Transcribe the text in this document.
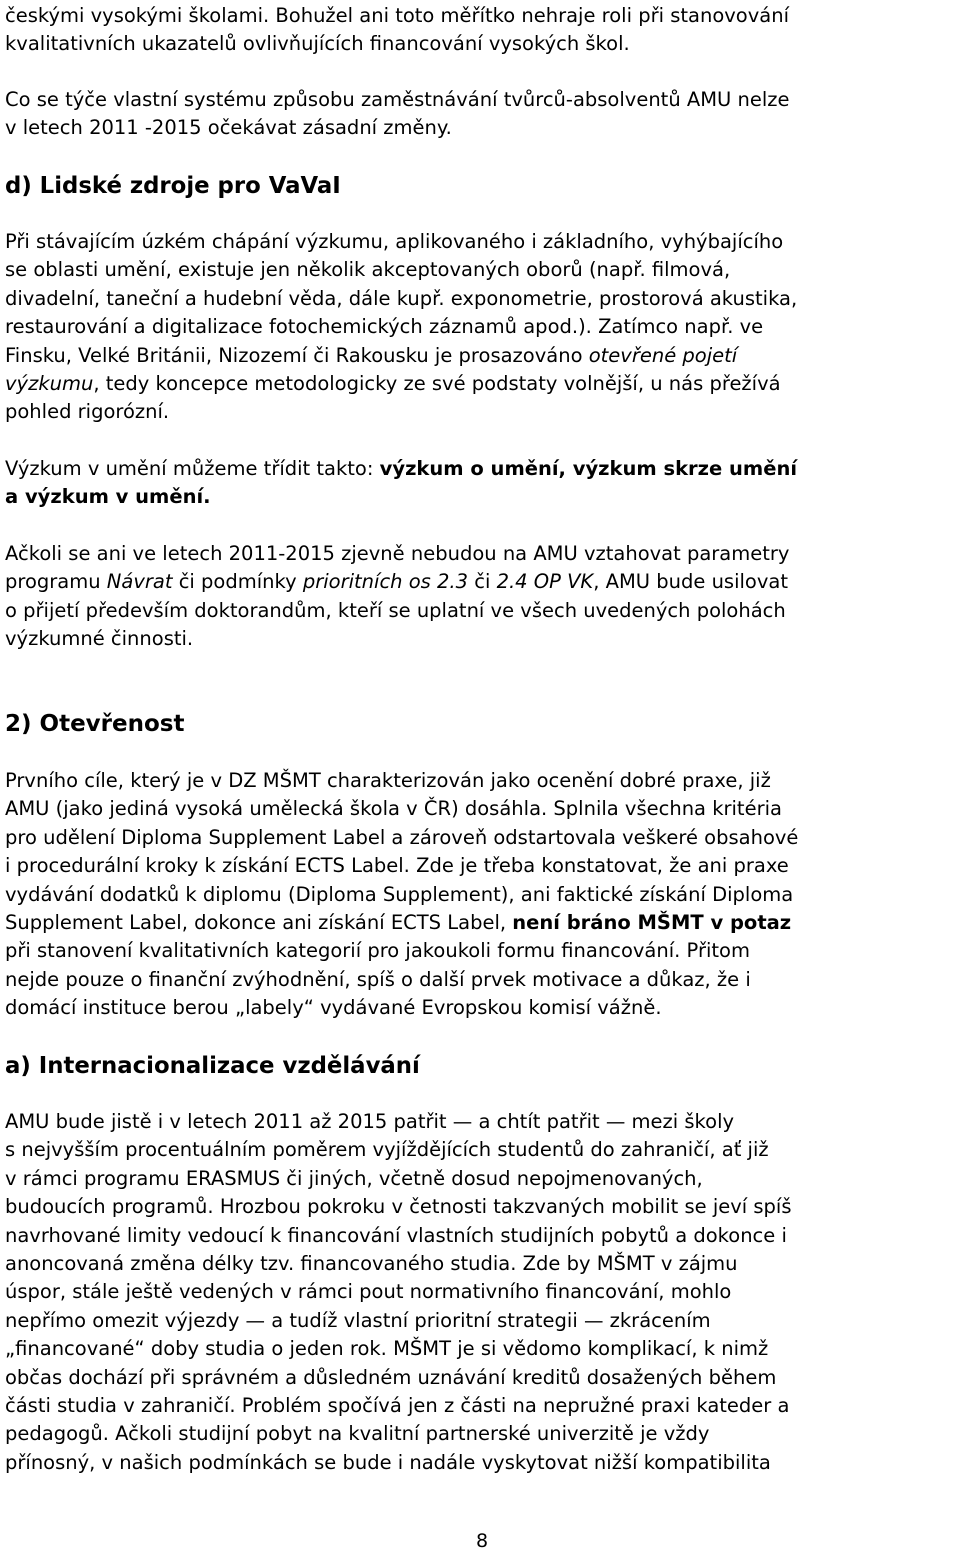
českými vysokými školami. Bohužel ani toto měřítko nehraje roli při stanovování
kvalitativních ukazatelů ovlivňujících financování vysokých škol.

Co se týče vlastní systému způsobu zaměstnávání tvůrců-absolventů AMU nelze
v letech 2011 -2015 očekávat zásadní změny.

d) Lidské zdroje pro VaVaI

Při stávajícím úzkém chápání výzkumu, aplikovaného i základního, vyhýbajícího
se oblasti umění, existuje jen několik akceptovaných oborů (např. filmová,
divadelní, taneční a hudební věda, dále kupř. exponometrie, prostorová akustika,
restaurování a digitalizace fotochemických záznamů apod.). Zatímco např. ve
Finsku, Velké Británii, Nizozemí či Rakousku je prosazováno otevřené pojetí
výzkumu, tedy koncepce metodologicky ze své podstaty volnější, u nás přežívá
pohled rigorózní.

Výzkum v umění můžeme třídit takto: výzkum o umění, výzkum skrze umění
a výzkum v umění.

Ačkoli se ani ve letech 2011-2015 zjevně nebudou na AMU vztahovat parametry
programu Návrat či podmínky prioritních os 2.3 či 2.4 OP VK, AMU bude usilovat
o přijetí především doktorandům, kteří se uplatní ve všech uvedených polohách
výzkumné činnosti.

2) Otevřenost

Prvního cíle, který je v DZ MŠMT charakterizován jako ocenění dobré praxe, již
AMU (jako jediná vysoká umělecká škola v ČR) dosáhla. Splnila všechna kritéria
pro udělení Diploma Supplement Label a zároveň odstartovala veškeré obsahové
i procedurální kroky k získání ECTS Label. Zde je třeba konstatovat, že ani praxe
vydávání dodatků k diplomu (Diploma Supplement), ani faktické získání Diploma
Supplement Label, dokonce ani získání ECTS Label, není bráno MŠMT v potaz
při stanovení kvalitativních kategorií pro jakoukoli formu financování. Přitom
nejde pouze o finanční zvýhodnění, spíš o další prvek motivace a důkaz, že i
domácí instituce berou „labely“ vydávané Evropskou komisí vážně.

a) Internacionalizace vzdělávání

AMU bude jistě i v letech 2011 až 2015 patřit — a chtít patřit — mezi školy
s nejvyšším procentuálním poměrem vyjíždějících studentů do zahraničí, ať již
v rámci programu ERASMUS či jiných, včetně dosud nepojmenovaných,
budoucích programů. Hrozbou pokroku v četnosti takzvaných mobilit se jeví spíš
navrhované limity vedoucí k financování vlastních studijních pobytů a dokonce i
anoncovaná změna délky tzv. financovaného studia. Zde by MŠMT v zájmu
úspor, stále ještě vedených v rámci pout normativního financování, mohlo
nepřímo omezit výjezdy — a tudíž vlastní prioritní strategii — zkrácením
„financované“ doby studia o jeden rok. MŠMT je si vědomo komplikací, k nimž
občas dochází při správném a důsledném uznávání kreditů dosažených během
části studia v zahraničí. Problém spočívá jen z části na nepružné praxi kateder a
pedagogů. Ačkoli studijní pobyt na kvalitní partnerské univerzitě je vždy
přínosný, v našich podmínkách se bude i nadále vyskytovat nižší kompatibilita

8
